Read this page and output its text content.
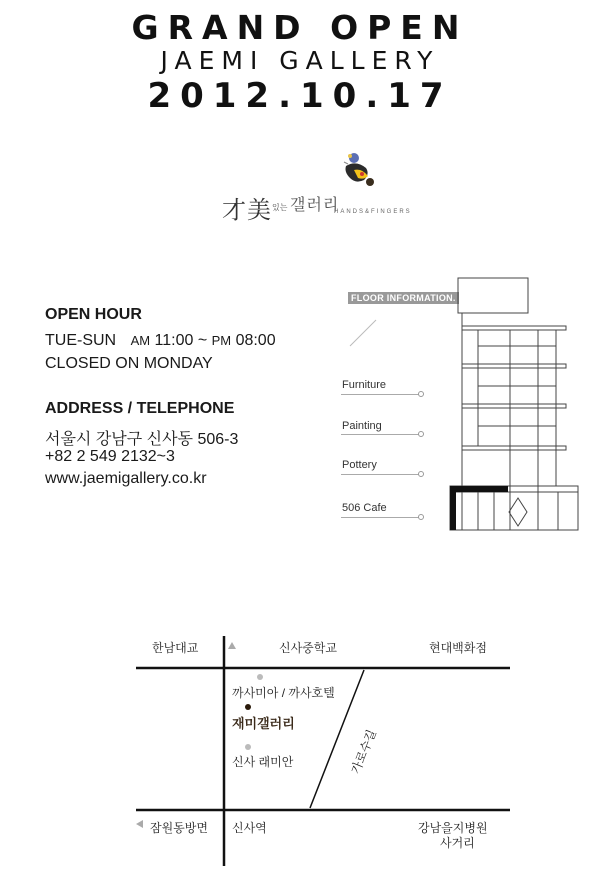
GRAND OPEN
JAEMI GALLERY
2012.10.17
才美 있는 갤러리
HANDS&FINGERS
OPEN HOUR
TUE-SUN AM 11:00 ~ PM 08:00
CLOSED ON MONDAY
ADDRESS / TELEPHONE
서울시 강남구 신사동 506-3
+82 2 549 2132~3
www.jaemigallery.co.kr
FLOOR INFORMATION.
Furniture
Painting
Pottery
506 Cafe
한남대교	신사중학교	현대백화점
까사미아 / 까사호텔
재미갤러리
신사 래미안	가로수길
잠원동방면 신사역	강남을지병원
사거리
